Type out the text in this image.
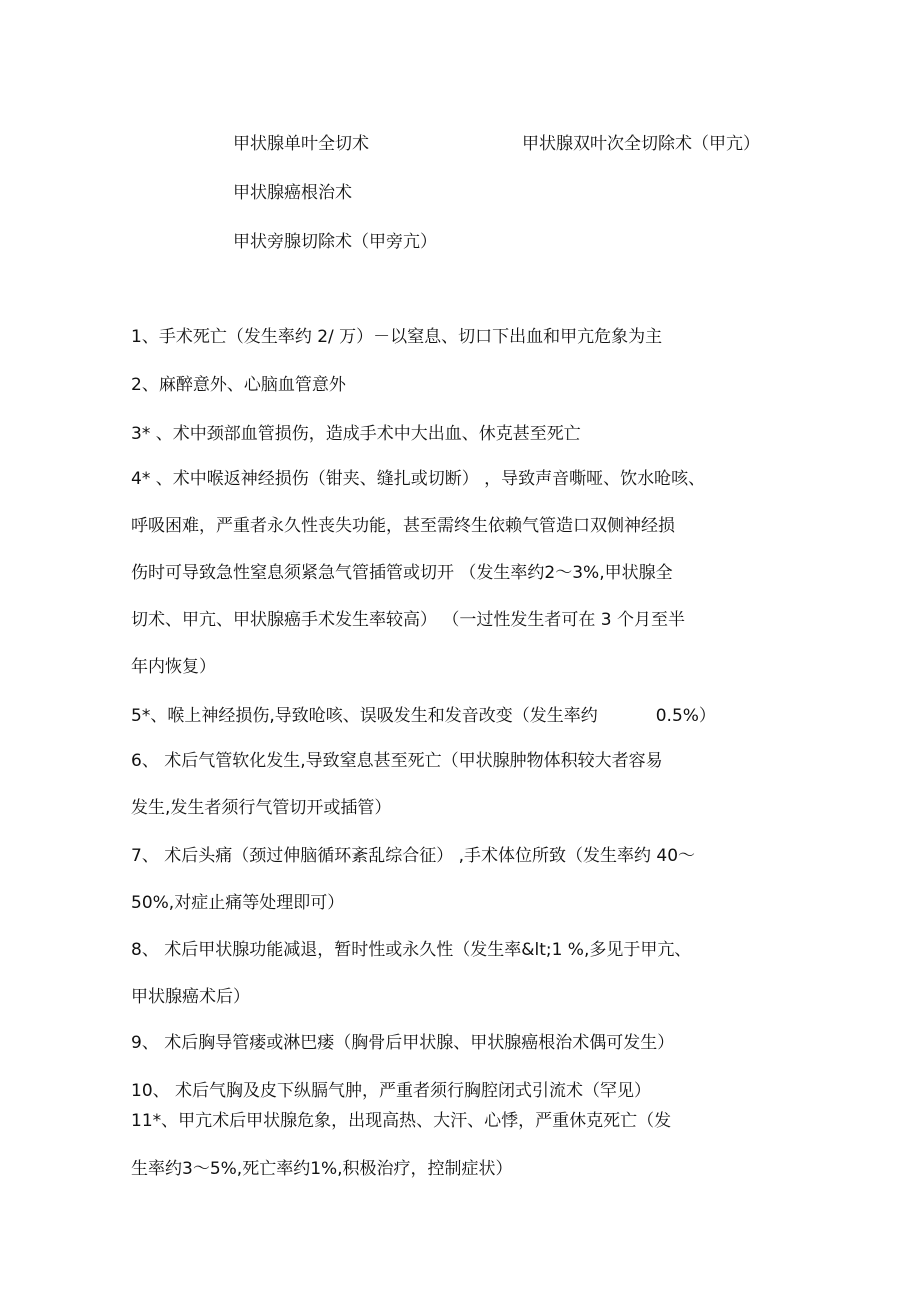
甲状腺单叶全切术	甲状腺双叶次全切除术（甲亢）
甲状腺癌根治术
甲状旁腺切除术（甲旁亢）
1、手术死亡（发生率约 2/ 万）－以窒息、切口下出血和甲亢危象为主
2、麻醉意外、心脑血管意外
3* 、术中颈部血管损伤，造成手术中大出血、休克甚至死亡
4* 、术中喉返神经损伤（钳夹、缝扎或切断） ，导致声音嘶哑、饮水呛咳、
呼吸困难，严重者永久性丧失功能，甚至需终生依赖气管造口双侧神经损
伤时可导致急性窒息须紧急气管插管或切开 （发生率约2～3%,甲状腺全
切术、甲亢、甲状腺癌手术发生率较高） （一过性发生者可在 3 个月至半
年内恢复）
5*、喉上神经损伤,导致呛咳、误吸发生和发音改变（发生率约	0.5%）
6、 术后气管软化发生,导致窒息甚至死亡（甲状腺肿物体积较大者容易
发生,发生者须行气管切开或插管）
7、 术后头痛（颈过伸脑循环紊乱综合征） ,手术体位所致（发生率约 40～
50%,对症止痛等处理即可）
8、 术后甲状腺功能减退，暂时性或永久性（发生率&lt;1 %,多见于甲亢、
甲状腺癌术后）
9、 术后胸导管瘘或淋巴瘘（胸骨后甲状腺、甲状腺癌根治术偶可发生）
10、 术后气胸及皮下纵膈气肿，严重者须行胸腔闭式引流术（罕见）
11*、甲亢术后甲状腺危象，出现高热、大汗、心悸，严重休克死亡（发
生率约3～5%,死亡率约1%,积极治疗，控制症状）
